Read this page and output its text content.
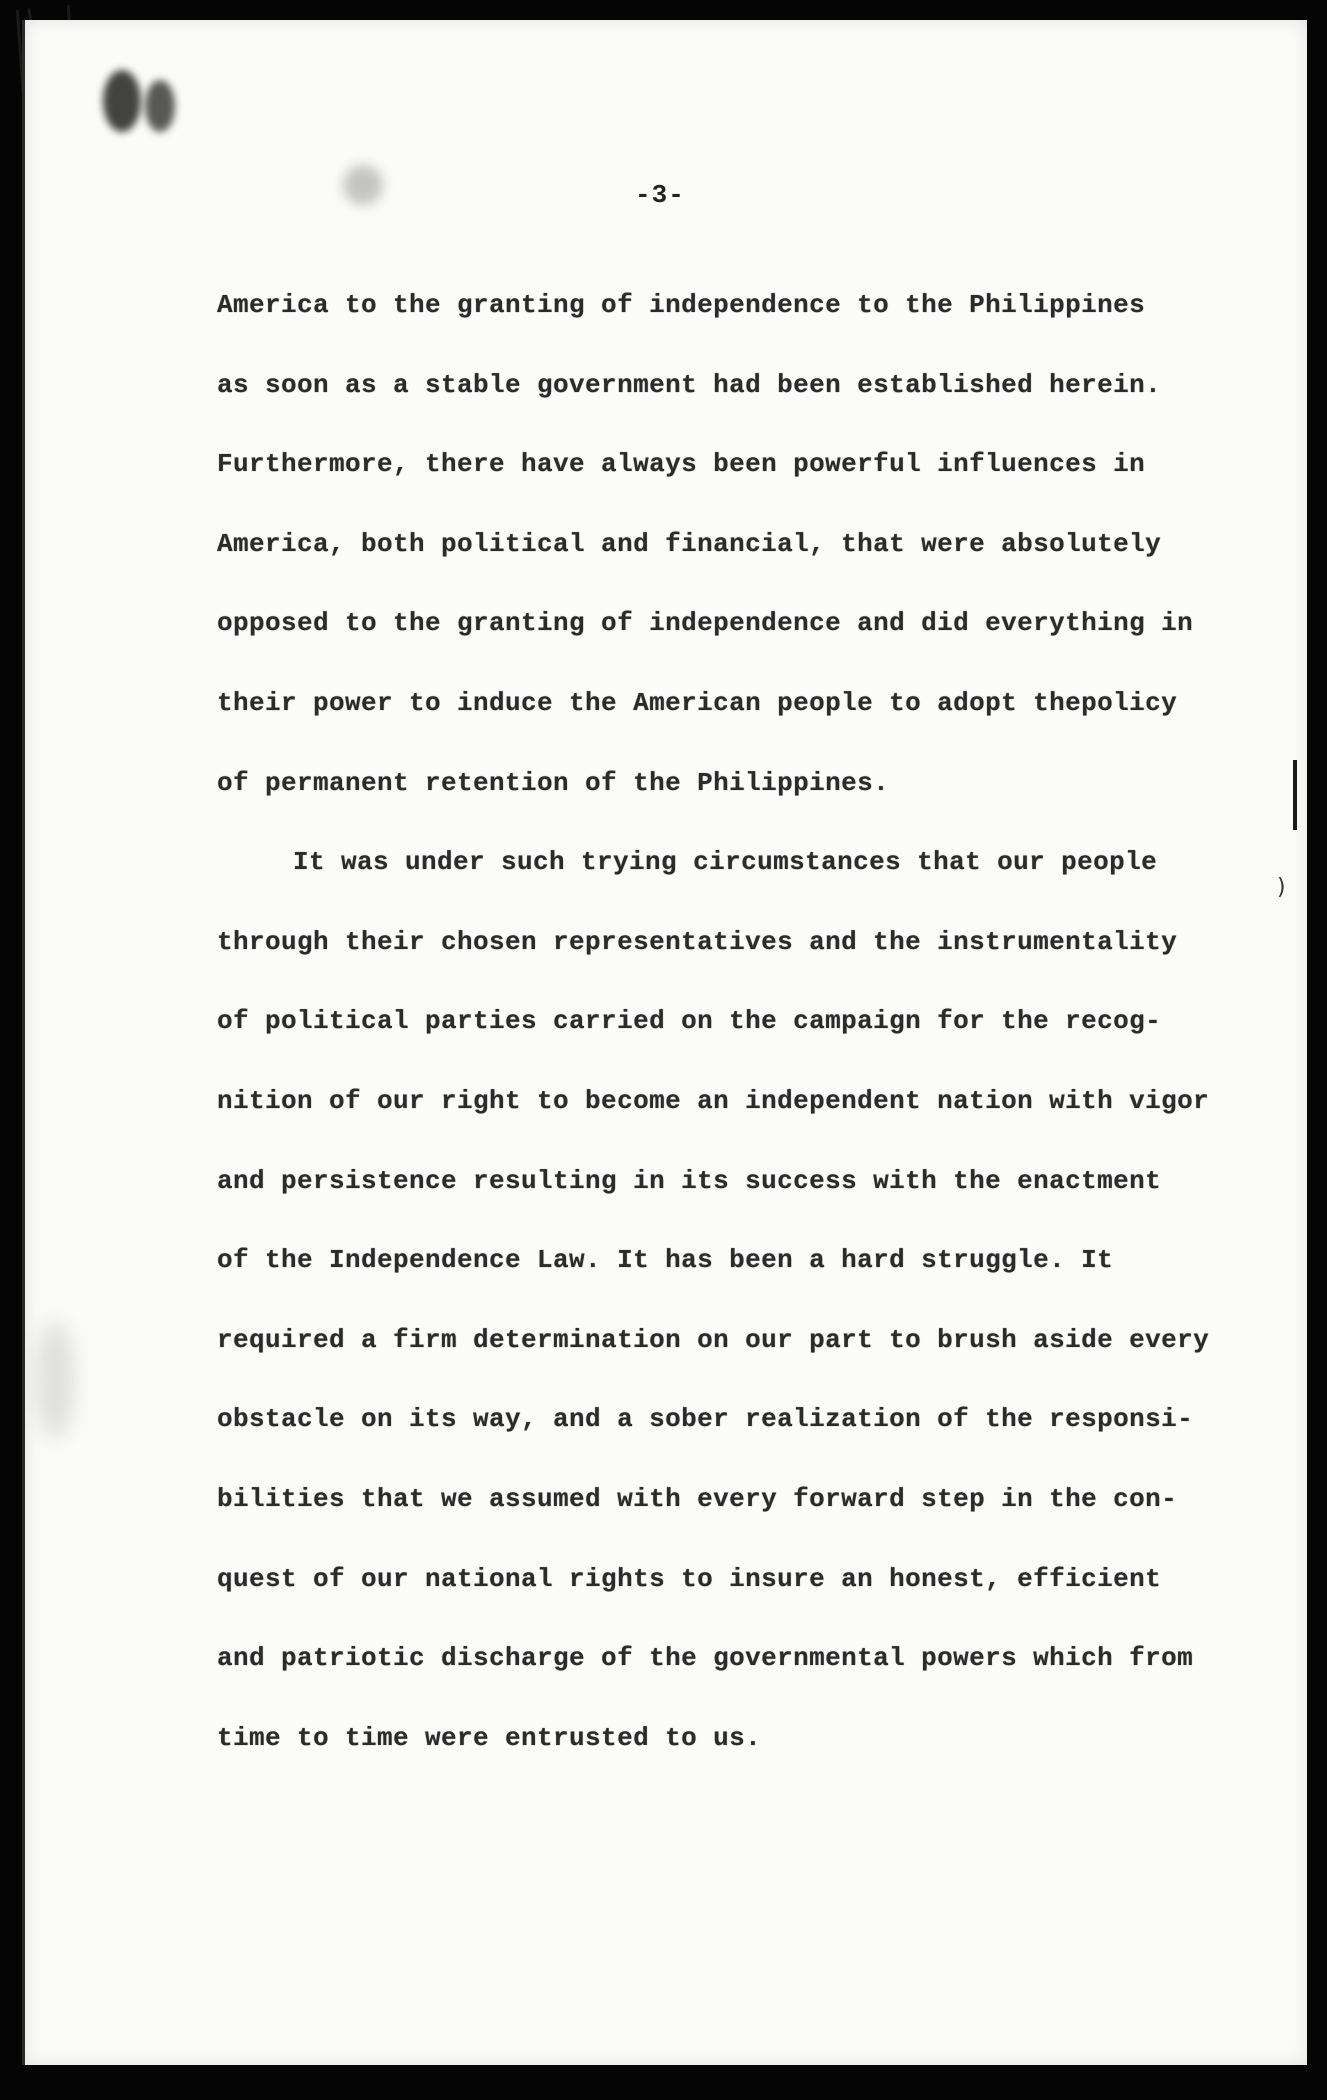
)
-3-
America to the granting of independence to the Philippines
as soon as a stable government had been established herein.
Furthermore, there have always been powerful influences in
America, both political and financial, that were absolutely
opposed to the granting of independence and did everything in
their power to induce the American people to adopt thepolicy
of permanent retention of the Philippines.
It was under such trying circumstances that our people
through their chosen representatives and the instrumentality
of political parties carried on the campaign for the recog-
nition of our right to become an independent nation with vigor
and persistence resulting in its success with the enactment
of the Independence Law. It has been a hard struggle. It
required a firm determination on our part to brush aside every
obstacle on its way, and a sober realization of the responsi-
bilities that we assumed with every forward step in the con-
quest of our national rights to insure an honest, efficient
and patriotic discharge of the governmental powers which from
time to time were entrusted to us.
